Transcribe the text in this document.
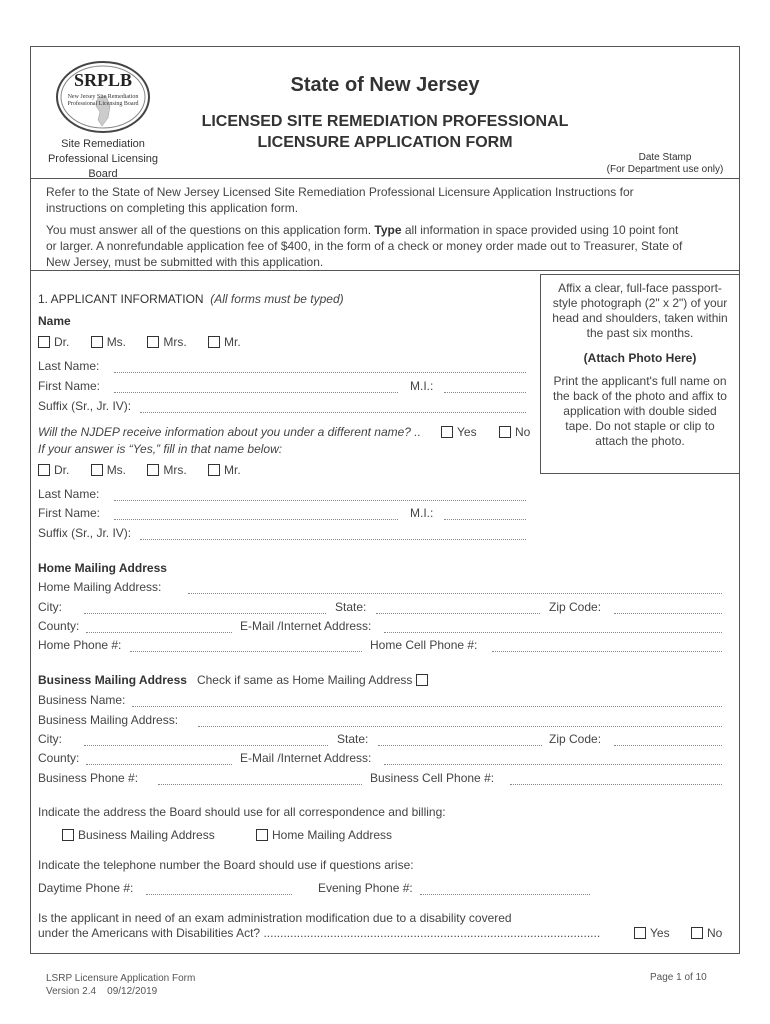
SRPLB
New Jersey Site Remediation
Professional Licensing Board
Site Remediation
Professional Licensing
Board
State of New Jersey
LICENSED SITE REMEDIATION PROFESSIONAL
LICENSURE APPLICATION FORM
Date Stamp
(For Department use only)
Refer to the State of New Jersey Licensed Site Remediation Professional Licensure Application Instructions for
instructions on completing this application form.
You must answer all of the questions on this application form. Type all information in space provided using 10 point font
or larger. A nonrefundable application fee of $400, in the form of a check or money order made out to Treasurer, State of
New Jersey, must be submitted with this application.
Affix a clear, full-face passport-style photograph (2" x 2") of your head and shoulders, taken within the past six months.
(Attach Photo Here)
Print the applicant's full name on the back of the photo and affix to application with double sided tape. Do not staple or clip to attach the photo.
1. APPLICANT INFORMATION (All forms must be typed)
Name
Dr.	Ms.	Mrs.	Mr.
Last Name:
First Name:	M.I.:
Suffix (Sr., Jr. IV):
Will the NJDEP receive information about you under a different name? ..	Yes	No
If your answer is “Yes,” fill in that name below:
Dr.	Ms.	Mrs.	Mr.
Last Name:
First Name:	M.I.:
Suffix (Sr., Jr. IV):
Home Mailing Address
Home Mailing Address:
City:	State:	Zip Code:
County:	E-Mail /Internet Address:
Home Phone #:	Home Cell Phone #:
Business Mailing Address Check if same as Home Mailing Address
Business Name:
Business Mailing Address:
City:	State:	Zip Code:
County:	E-Mail /Internet Address:
Business Phone #:	Business Cell Phone #:
Indicate the address the Board should use for all correspondence and billing:
Business Mailing Address	Home Mailing Address
Indicate the telephone number the Board should use if questions arise:
Daytime Phone #:	Evening Phone #:
Is the applicant in need of an exam administration modification due to a disability covered
under the Americans with Disabilities Act? .....................................................................................................	Yes	No
LSRP Licensure Application Form
Version 2.4    09/12/2019
Page 1 of 10
